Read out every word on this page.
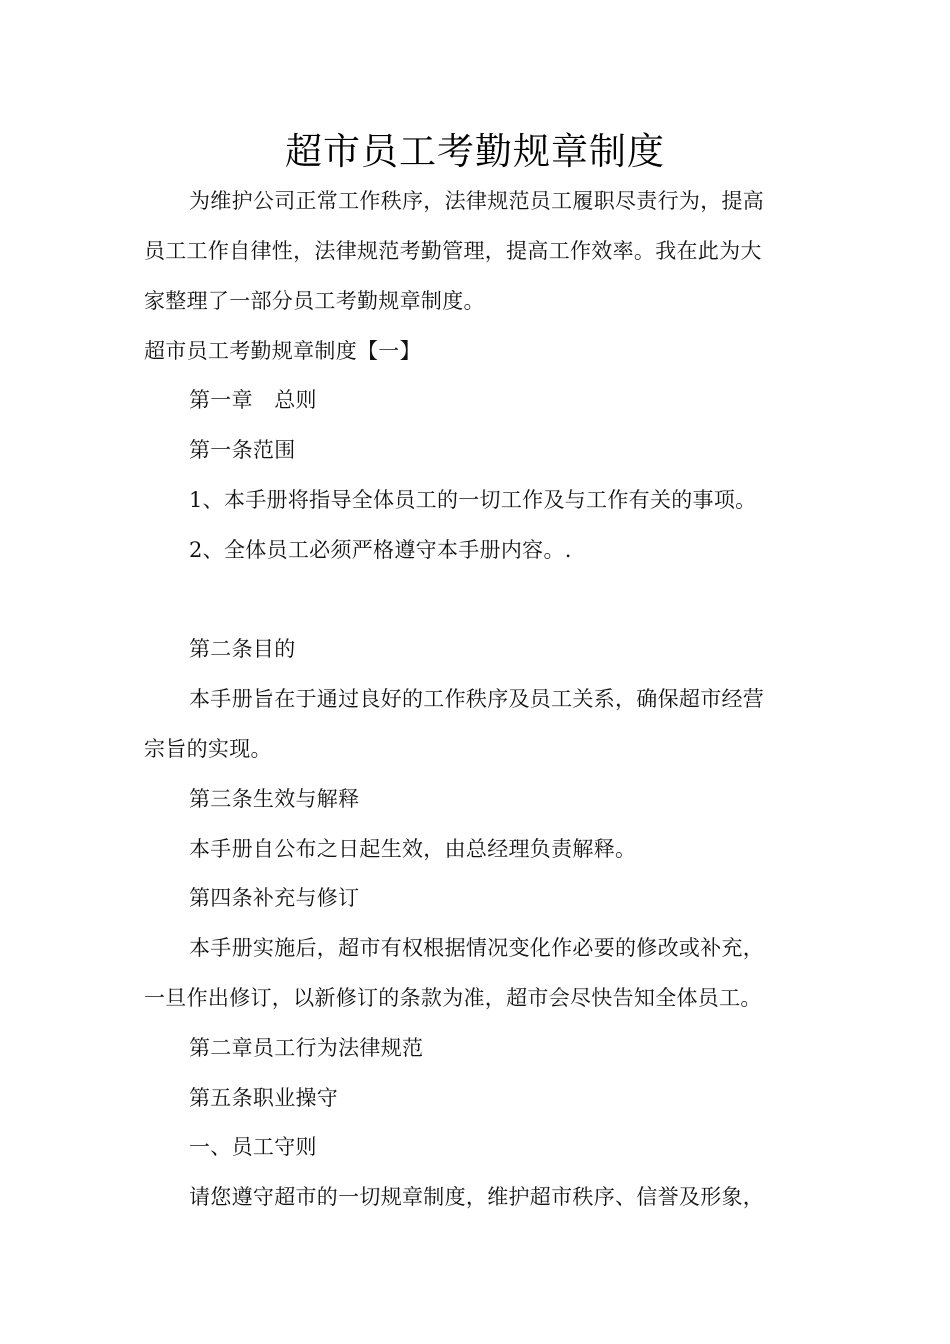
超市员工考勤规章制度
为维护公司正常工作秩序，法律规范员工履职尽责行为，提高
员工工作自律性，法律规范考勤管理，提高工作效率。我在此为大
家整理了一部分员工考勤规章制度。
超市员工考勤规章制度【一】
第一章　总则
第一条范围
1、本手册将指导全体员工的一切工作及与工作有关的事项。
2、全体员工必须严格遵守本手册内容。.
第二条目的
本手册旨在于通过良好的工作秩序及员工关系，确保超市经营
宗旨的实现。
第三条生效与解释
本手册自公布之日起生效，由总经理负责解释。
第四条补充与修订
本手册实施后，超市有权根据情况变化作必要的修改或补充，
一旦作出修订，以新修订的条款为准，超市会尽快告知全体员工。
第二章员工行为法律规范
第五条职业操守
一、员工守则
请您遵守超市的一切规章制度，维护超市秩序、信誉及形象，
